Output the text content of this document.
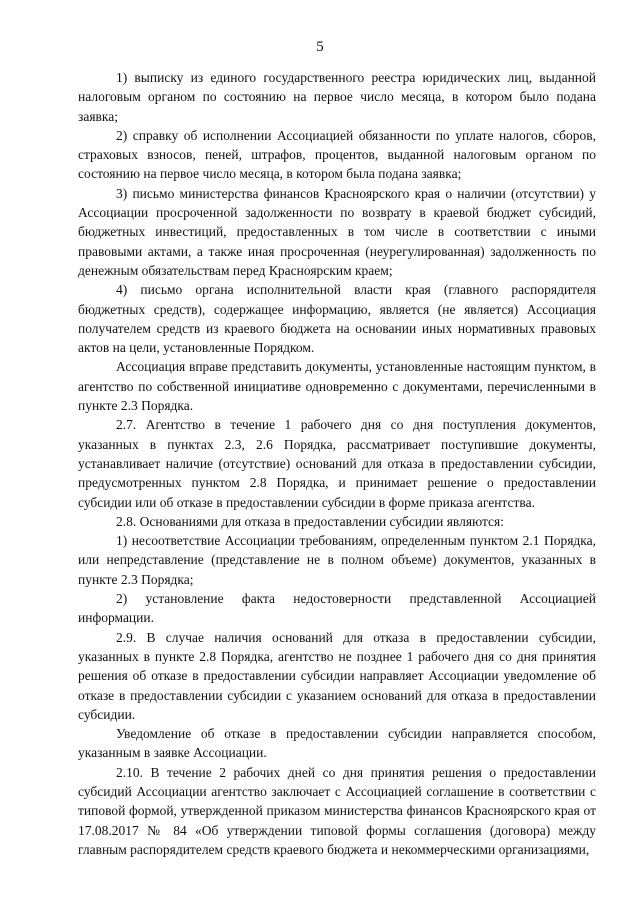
5

1) выписку из единого государственного реестра юридических лиц, выданной налоговым органом по состоянию на первое число месяца, в котором было подана заявка;

2) справку об исполнении Ассоциацией обязанности по уплате налогов, сборов, страховых взносов, пеней, штрафов, процентов, выданной налоговым органом по состоянию на первое число месяца, в котором была подана заявка;

3) письмо министерства финансов Красноярского края о наличии (отсутствии) у Ассоциации просроченной задолженности по возврату в краевой бюджет субсидий, бюджетных инвестиций, предоставленных в том числе в соответствии с иными правовыми актами, а также иная просроченная (неурегулированная) задолженность по денежным обязательствам перед Красноярским краем;

4) письмо органа исполнительной власти края (главного распорядителя бюджетных средств), содержащее информацию, является (не является) Ассоциация получателем средств из краевого бюджета на основании иных нормативных правовых актов на цели, установленные Порядком.

Ассоциация вправе представить документы, установленные настоящим пунктом, в агентство по собственной инициативе одновременно с документами, перечисленными в пункте 2.3 Порядка.

2.7. Агентство в течение 1 рабочего дня со дня поступления документов, указанных в пунктах 2.3, 2.6 Порядка, рассматривает поступившие документы, устанавливает наличие (отсутствие) оснований для отказа в предоставлении субсидии, предусмотренных пунктом 2.8 Порядка, и принимает решение о предоставлении субсидии или об отказе в предоставлении субсидии в форме приказа агентства.

2.8. Основаниями для отказа в предоставлении субсидии являются:

1) несоответствие Ассоциации требованиям, определенным пунктом 2.1 Порядка, или непредставление (представление не в полном объеме) документов, указанных в пункте 2.3 Порядка;

2) установление факта недостоверности представленной Ассоциацией информации.

2.9. В случае наличия оснований для отказа в предоставлении субсидии, указанных в пункте 2.8 Порядка, агентство не позднее 1 рабочего дня со дня принятия решения об отказе в предоставлении субсидии направляет Ассоциации уведомление об отказе в предоставлении субсидии с указанием оснований для отказа в предоставлении субсидии.

Уведомление об отказе в предоставлении субсидии направляется способом, указанным в заявке Ассоциации.

2.10. В течение 2 рабочих дней со дня принятия решения о предоставлении субсидий Ассоциации агентство заключает с Ассоциацией соглашение в соответствии с типовой формой, утвержденной приказом министерства финансов Красноярского края от 17.08.2017 № 84 «Об утверждении типовой формы соглашения (договора) между главным распорядителем средств краевого бюджета и некоммерческими организациями,
